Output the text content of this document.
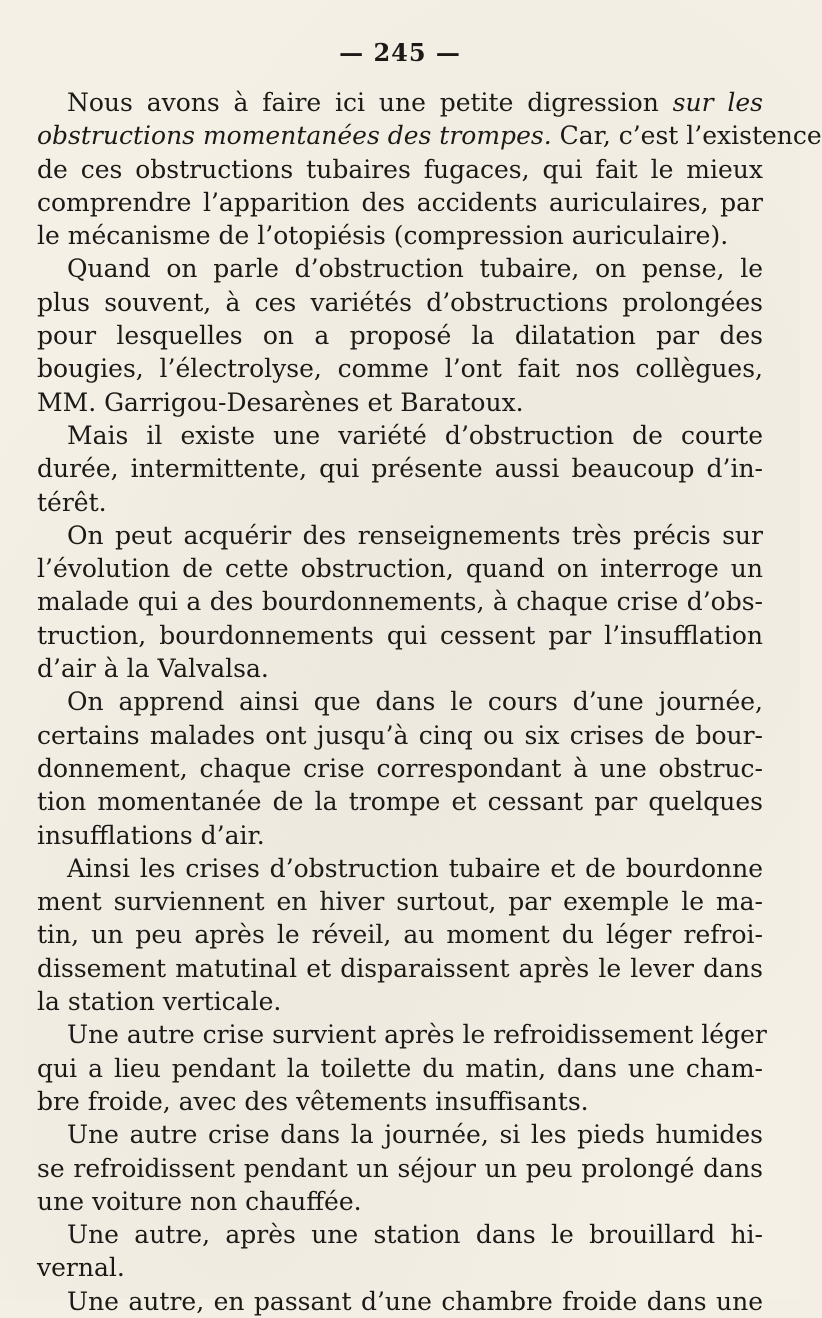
— 245 —
Nous avons à faire ici une petite digression sur les
obstructions momentanées des trompes. Car, c’est l’existence
de ces obstructions tubaires fugaces, qui fait le mieux
comprendre l’apparition des accidents auriculaires, par
le mécanisme de l’otopiésis (compression auriculaire).
Quand on parle d’obstruction tubaire, on pense, le
plus souvent, à ces variétés d’obstructions prolongées
pour lesquelles on a proposé la dilatation par des
bougies, l’électrolyse, comme l’ont fait nos collègues,
MM. Garrigou-Desarènes et Baratoux.
Mais il existe une variété d’obstruction de courte
durée, intermittente, qui présente aussi beaucoup d’in-
térêt.
On peut acquérir des renseignements très précis sur
l’évolution de cette obstruction, quand on interroge un
malade qui a des bourdonnements, à chaque crise d’obs-
truction, bourdonnements qui cessent par l’insufflation
d’air à la Valvalsa.
On apprend ainsi que dans le cours d’une journée,
certains malades ont jusqu’à cinq ou six crises de bour-
donnement, chaque crise correspondant à une obstruc-
tion momentanée de la trompe et cessant par quelques
insufflations d’air.
Ainsi les crises d’obstruction tubaire et de bourdonne
ment surviennent en hiver surtout, par exemple le ma-
tin, un peu après le réveil, au moment du léger refroi-
dissement matutinal et disparaissent après le lever dans
la station verticale.
Une autre crise survient après le refroidissement léger
qui a lieu pendant la toilette du matin, dans une cham-
bre froide, avec des vêtements insuffisants.
Une autre crise dans la journée, si les pieds humides
se refroidissent pendant un séjour un peu prolongé dans
une voiture non chauffée.
Une autre, après une station dans le brouillard hi-
vernal.
Une autre, en passant d’une chambre froide dans une
